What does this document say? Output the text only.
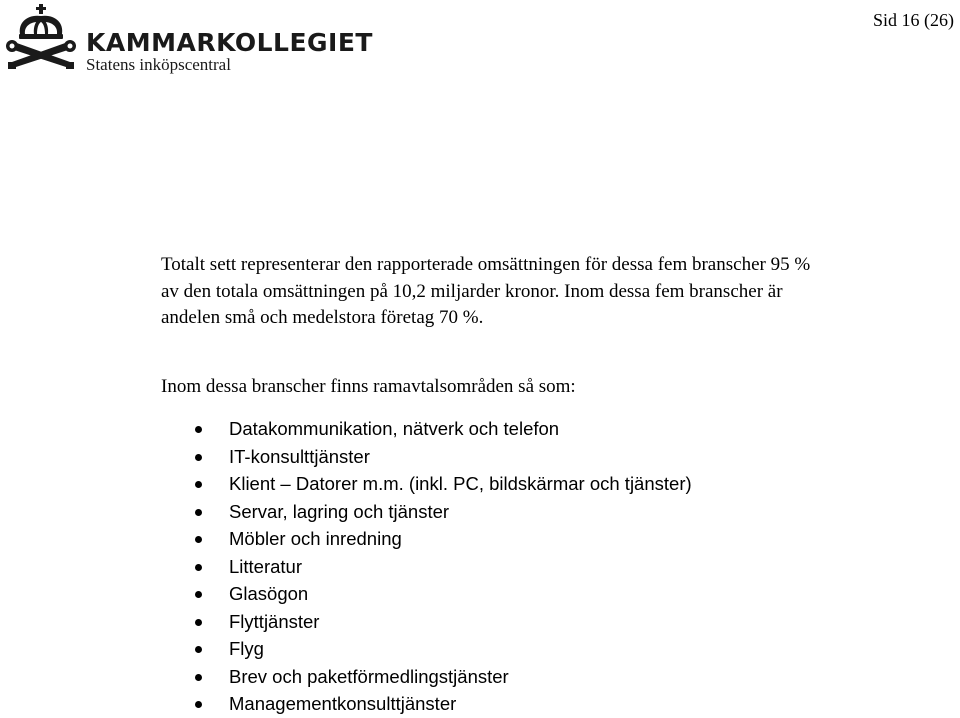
KAMMARKOLLEGIET
Statens inköpscentral
Sid 16 (26)

Totalt sett representerar den rapporterade omsättningen för dessa fem branscher 95 % av den totala omsättningen på 10,2 miljarder kronor. Inom dessa fem branscher är andelen små och medelstora företag 70 %.

Inom dessa branscher finns ramavtalsområden så som:
Datakommunikation, nätverk och telefon
IT-konsulttjänster
Klient – Datorer m.m. (inkl. PC, bildskärmar och tjänster)
Servar, lagring och tjänster
Möbler och inredning
Litteratur
Glasögon
Flyttjänster
Flyg
Brev och paketförmedlingstjänster
Managementkonsulttjänster
